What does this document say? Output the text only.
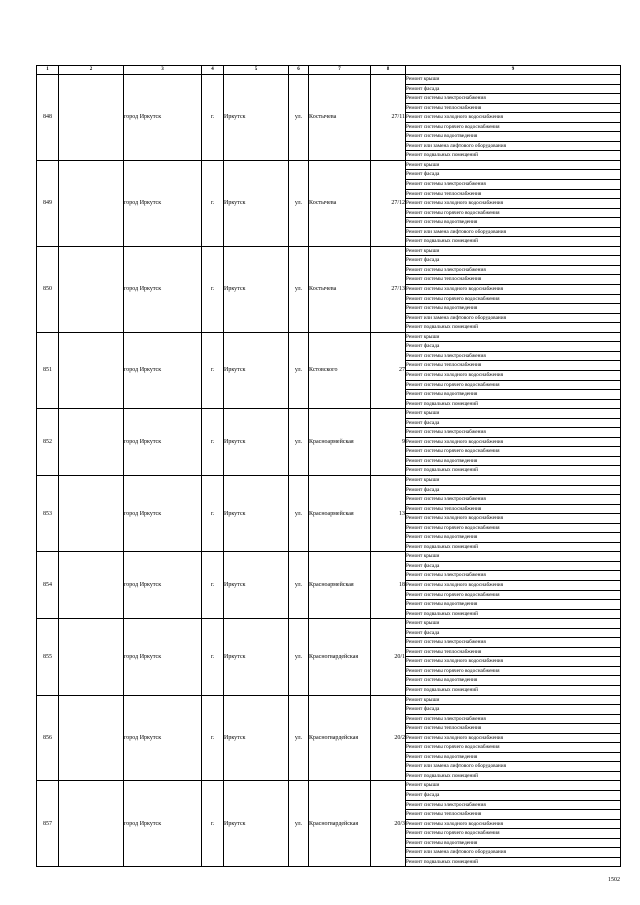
1	2	3	4	5	6	7	8	9
848		город Иркутск	г.	Иркутск	ул.	Костычева	27/11	Ремонт крыши
								Ремонт фасада
								Ремонт системы электроснабжения
								Ремонт системы теплоснабжения
								Ремонт системы холодного водоснабжения
								Ремонт системы горячего водоснабжения
								Ремонт системы водоотведения
								Ремонт или замена лифтового оборудования
								Ремонт подвальных помещений
849		город Иркутск	г.	Иркутск	ул.	Костычева	27/12	Ремонт крыши
								Ремонт фасада
								Ремонт системы электроснабжения
								Ремонт системы теплоснабжения
								Ремонт системы холодного водоснабжения
								Ремонт системы горячего водоснабжения
								Ремонт системы водоотведения
								Ремонт или замена лифтового оборудования
								Ремонт подвальных помещений
850		город Иркутск	г.	Иркутск	ул.	Костычева	27/13	Ремонт крыши
								Ремонт фасада
								Ремонт системы электроснабжения
								Ремонт системы теплоснабжения
								Ремонт системы холодного водоснабжения
								Ремонт системы горячего водоснабжения
								Ремонт системы водоотведения
								Ремонт или замена лифтового оборудования
								Ремонт подвальных помещений
851		город Иркутск	г.	Иркутск	ул.	Кстовского	27	Ремонт крыши
								Ремонт фасада
								Ремонт системы электроснабжения
								Ремонт системы теплоснабжения
								Ремонт системы холодного водоснабжения
								Ремонт системы горячего водоснабжения
								Ремонт системы водоотведения
								Ремонт подвальных помещений
852		город Иркутск	г.	Иркутск	ул.	Красноармейская	9	Ремонт крыши
								Ремонт фасада
								Ремонт системы электроснабжения
								Ремонт системы холодного водоснабжения
								Ремонт системы горячего водоснабжения
								Ремонт системы водоотведения
								Ремонт подвальных помещений
853		город Иркутск	г.	Иркутск	ул.	Красноармейская	13	Ремонт крыши
								Ремонт фасада
								Ремонт системы электроснабжения
								Ремонт системы теплоснабжения
								Ремонт системы холодного водоснабжения
								Ремонт системы горячего водоснабжения
								Ремонт системы водоотведения
								Ремонт подвальных помещений
854		город Иркутск	г.	Иркутск	ул.	Красноармейская	18	Ремонт крыши
								Ремонт фасада
								Ремонт системы электроснабжения
								Ремонт системы холодного водоснабжения
								Ремонт системы горячего водоснабжения
								Ремонт системы водоотведения
								Ремонт подвальных помещений
855		город Иркутск	г.	Иркутск	ул.	Красногвардейская	20/1	Ремонт крыши
								Ремонт фасада
								Ремонт системы электроснабжения
								Ремонт системы теплоснабжения
								Ремонт системы холодного водоснабжения
								Ремонт системы горячего водоснабжения
								Ремонт системы водоотведения
								Ремонт подвальных помещений
856		город Иркутск	г.	Иркутск	ул.	Красногвардейская	20/2	Ремонт крыши
								Ремонт фасада
								Ремонт системы электроснабжения
								Ремонт системы теплоснабжения
								Ремонт системы холодного водоснабжения
								Ремонт системы горячего водоснабжения
								Ремонт системы водоотведения
								Ремонт или замена лифтового оборудования
								Ремонт подвальных помещений
857		город Иркутск	г.	Иркутск	ул.	Красногвардейская	20/3	Ремонт крыши
								Ремонт фасада
								Ремонт системы электроснабжения
								Ремонт системы теплоснабжения
								Ремонт системы холодного водоснабжения
								Ремонт системы горячего водоснабжения
								Ремонт системы водоотведения
								Ремонт или замена лифтового оборудования
								Ремонт подвальных помещений
1502
